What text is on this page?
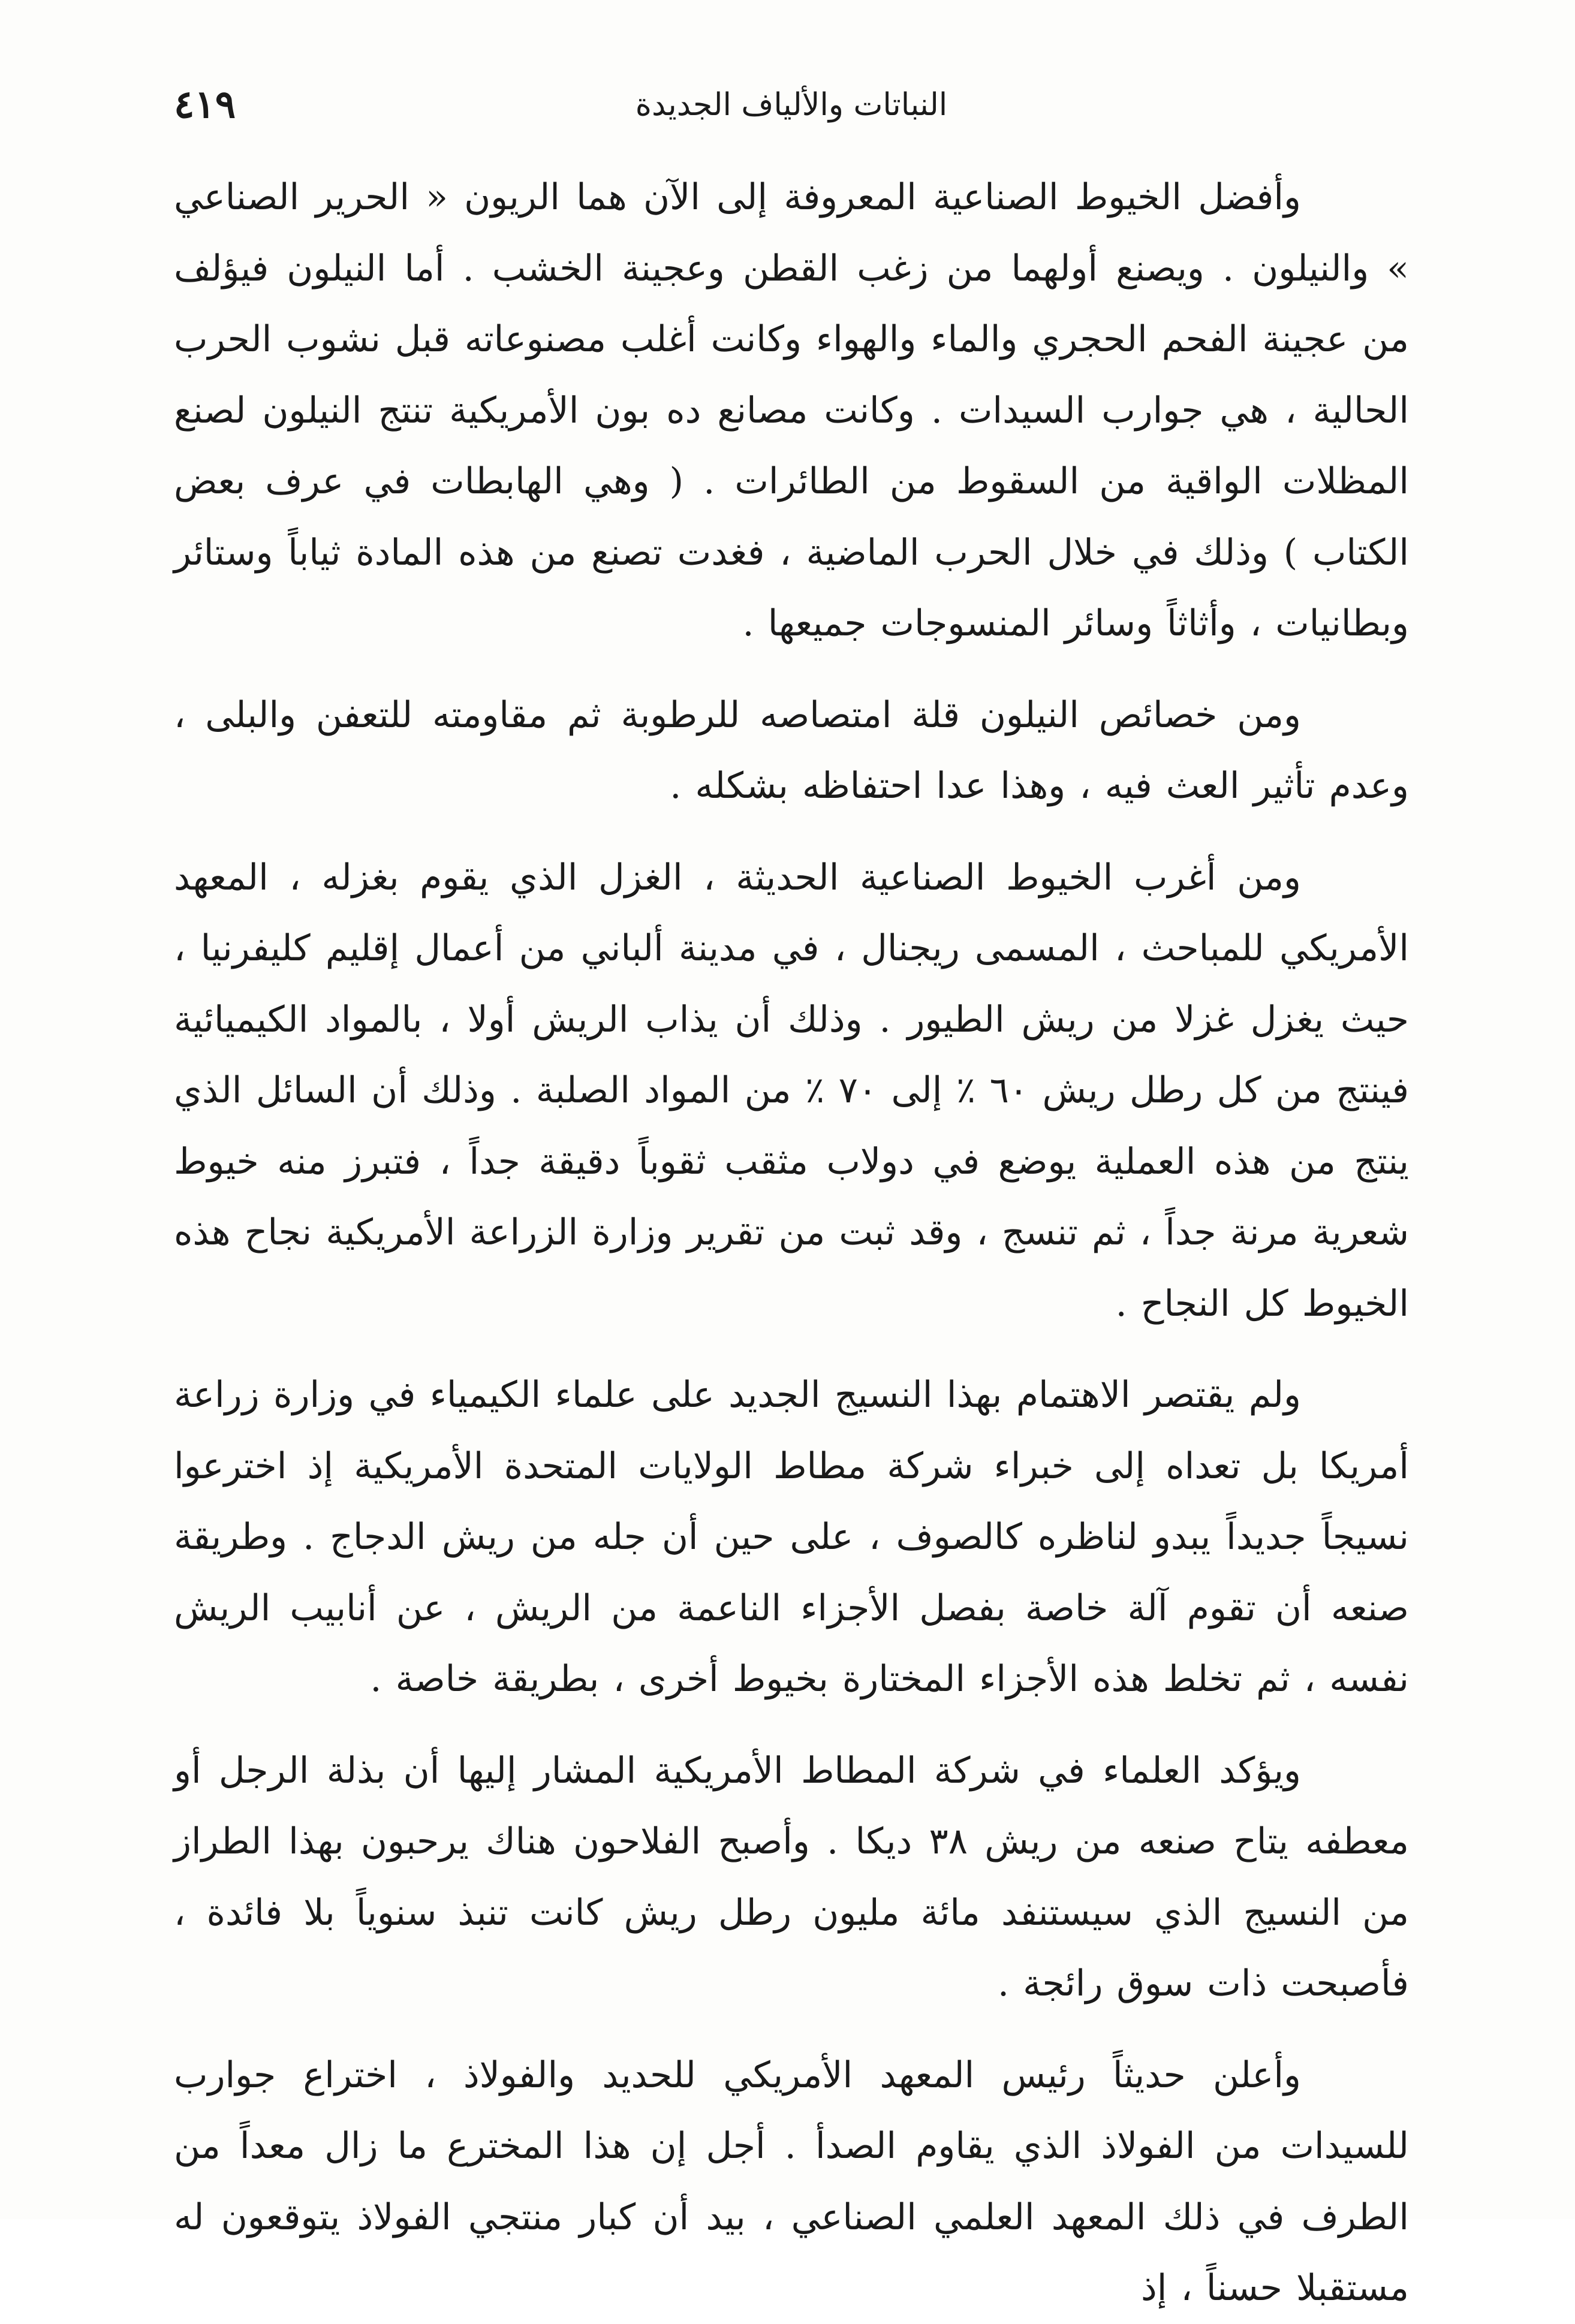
٤١٩	النباتات والألياف الجديدة

وأفضل الخيوط الصناعية المعروفة إلى الآن هما الريون « الحرير الصناعي » والنيلون . ويصنع أولهما من زغب القطن وعجينة الخشب . أما النيلون فيؤلف من عجينة الفحم الحجري والماء والهواء وكانت أغلب مصنوعاته قبل نشوب الحرب الحالية ، هي جوارب السيدات . وكانت مصانع ده بون الأمريكية تنتج النيلون لصنع المظلات الواقية من السقوط من الطائرات . ( وهي الهابطات في عرف بعض الكتاب ) وذلك في خلال الحرب الماضية ، فغدت تصنع من هذه المادة ثياباً وستائر وبطانيات ، وأثاثاً وسائر المنسوجات جميعها .

ومن خصائص النيلون قلة امتصاصه للرطوبة ثم مقاومته للتعفن والبلى ، وعدم تأثير العث فيه ، وهذا عدا احتفاظه بشكله .

ومن أغرب الخيوط الصناعية الحديثة ، الغزل الذي يقوم بغزله ، المعهد الأمريكي للمباحث ، المسمى ريجنال ، في مدينة ألباني من أعمال إقليم كليفرنيا ، حيث يغزل غزلا من ريش الطيور . وذلك أن يذاب الريش أولا ، بالمواد الكيميائية فينتج من كل رطل ريش ٦٠ ٪ إلى ٧٠ ٪ من المواد الصلبة . وذلك أن السائل الذي ينتج من هذه العملية يوضع في دولاب مثقب ثقوباً دقيقة جداً ، فتبرز منه خيوط شعرية مرنة جداً ، ثم تنسج ، وقد ثبت من تقرير وزارة الزراعة الأمريكية نجاح هذه الخيوط كل النجاح .

ولم يقتصر الاهتمام بهذا النسيج الجديد على علماء الكيمياء في وزارة زراعة أمريكا بل تعداه إلى خبراء شركة مطاط الولايات المتحدة الأمريكية إذ اخترعوا نسيجاً جديداً يبدو لناظره كالصوف ، على حين أن جله من ريش الدجاج . وطريقة صنعه أن تقوم آلة خاصة بفصل الأجزاء الناعمة من الريش ، عن أنابيب الريش نفسه ، ثم تخلط هذه الأجزاء المختارة بخيوط أخرى ، بطريقة خاصة .

ويؤكد العلماء في شركة المطاط الأمريكية المشار إليها أن بذلة الرجل أو معطفه يتاح صنعه من ريش ٣٨ ديكا . وأصبح الفلاحون هناك يرحبون بهذا الطراز من النسيج الذي سيستنفد مائة مليون رطل ريش كانت تنبذ سنوياً بلا فائدة ، فأصبحت ذات سوق رائجة .

وأعلن حديثاً رئيس المعهد الأمريكي للحديد والفولاذ ، اختراع جوارب للسيدات من الفولاذ الذي يقاوم الصدأ . أجل إن هذا المخترع ما زال معداً من الطرف في ذلك المعهد العلمي الصناعي ، بيد أن كبار منتجي الفولاذ يتوقعون له مستقبلا حسناً ، إذ
